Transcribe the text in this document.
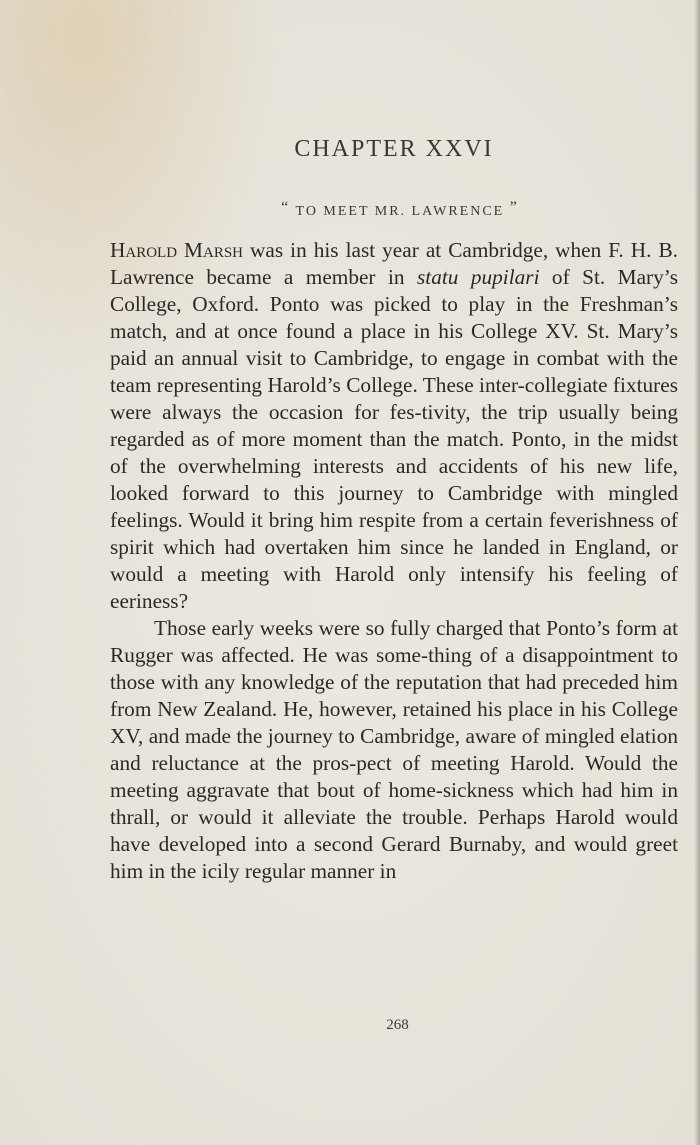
CHAPTER XXVI
“ TO MEET MR. LAWRENCE ”

Harold Marsh was in his last year at Cambridge, when F. H. B. Lawrence became a member in statu pupilari of St. Mary’s College, Oxford. Ponto was picked to play in the Freshman’s match, and at once found a place in his College XV. St. Mary’s paid an annual visit to Cambridge, to engage in combat with the team representing Harold’s College. These inter-collegiate fixtures were always the occasion for fes-tivity, the trip usually being regarded as of more moment than the match. Ponto, in the midst of the overwhelming interests and accidents of his new life, looked forward to this journey to Cambridge with mingled feelings. Would it bring him respite from a certain feverishness of spirit which had overtaken him since he landed in England, or would a meeting with Harold only intensify his feeling of eeriness?

Those early weeks were so fully charged that Ponto’s form at Rugger was affected. He was some-thing of a disappointment to those with any knowledge of the reputation that had preceded him from New Zealand. He, however, retained his place in his College XV, and made the journey to Cambridge, aware of mingled elation and reluctance at the pros-pect of meeting Harold. Would the meeting aggravate that bout of home-sickness which had him in thrall, or would it alleviate the trouble. Perhaps Harold would have developed into a second Gerard Burnaby, and would greet him in the icily regular manner in

268
